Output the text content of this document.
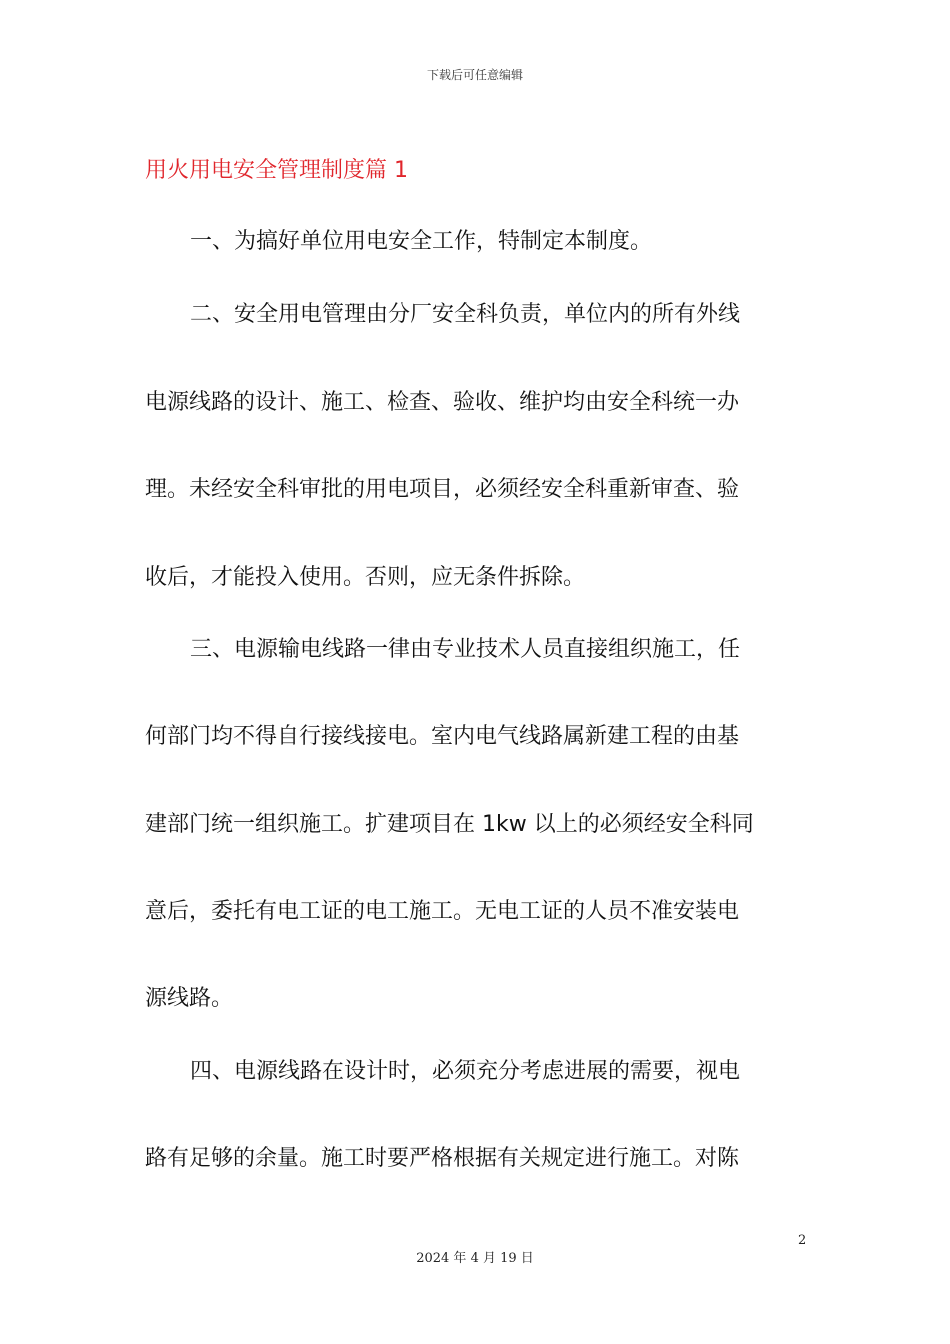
下载后可任意编辑
用火用电安全管理制度篇 1
一、为搞好单位用电安全工作，特制定本制度。
二、安全用电管理由分厂安全科负责，单位内的所有外线
电源线路的设计、施工、检查、验收、维护均由安全科统一办
理。未经安全科审批的用电项目，必须经安全科重新审查、验
收后，才能投入使用。否则，应无条件拆除。
三、电源输电线路一律由专业技术人员直接组织施工，任
何部门均不得自行接线接电。室内电气线路属新建工程的由基
建部门统一组织施工。扩建项目在 1kw 以上的必须经安全科同
意后，委托有电工证的电工施工。无电工证的人员不准安装电
源线路。
四、电源线路在设计时，必须充分考虑进展的需要，视电
路有足够的余量。施工时要严格根据有关规定进行施工。对陈
2
2024 年 4 月 19 日
